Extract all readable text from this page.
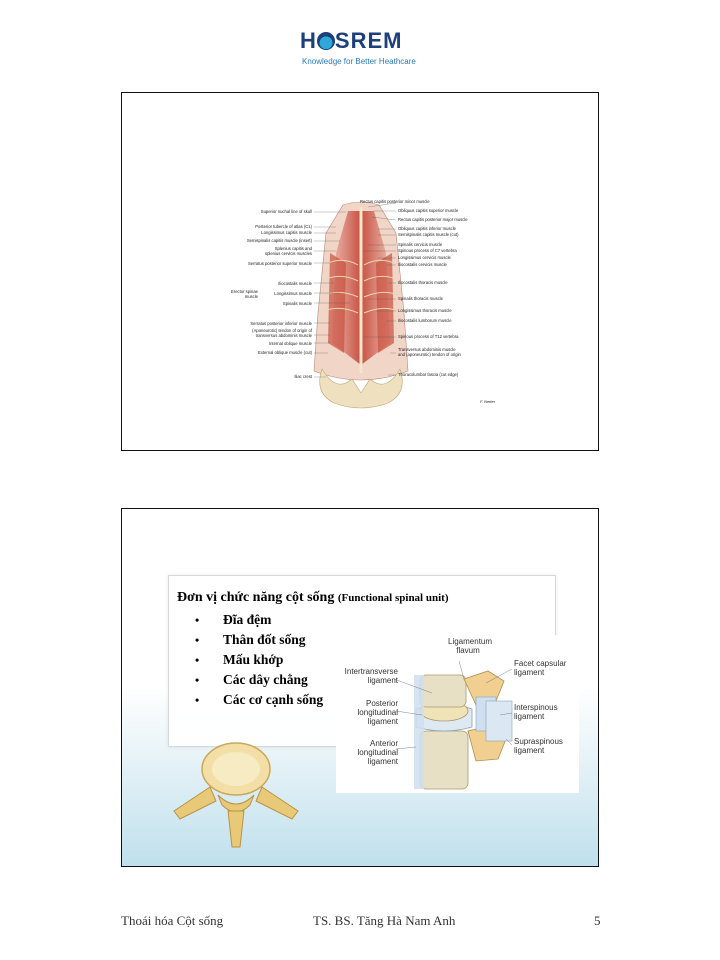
H SREM
Knowledge for Better Heathcare
Superior nuchal line of skull
Posterior tubercle of atlas (C1)
Longissimus capitis muscle
Semispinalis capitis muscle (insert)
Splenius capitis and
splenius cervicis muscles
Serratus posterior superior muscle
Iliocostalis muscle
Erector spinae muscle
Longissimus muscle
Spinalis muscle
Serratus posterior inferior muscle
(Aponeurotic) tendon of origin of
transversus abdominis muscle
Internal oblique muscle
External oblique muscle (cut)
Iliac crest
Rectus capitis posterior minor muscle
Obliquus capitis superior muscle
Rectus capitis posterior major muscle
Obliquus capitis inferior muscle
Semispinalis capitis muscle (cut)
Spinalis cervicis muscle
Spinous process of C7 vertebra
Longissimus cervicis muscle
Iliocostalis cervicis muscle
Iliocostalis thoracis muscle
Spinalis thoracis muscle
Longissimus thoracis muscle
Iliocostalis lumborum muscle
Spinous process of T12 vertebra
Transversus abdominis muscle
and (aponeurotic) tendon of origin
Thoracolumbar fascia (cut edge)
F. Netter
Đơn vị chức năng cột sống (Functional spinal unit)
• Đĩa đệm
• Thân đốt sống
• Mấu khớp
• Các dây chằng
• Các cơ cạnh sống
Ligamentum flavum
Intertransverse ligament
Posterior longitudinal ligament
Anterior longitudinal ligament
Facet capsular ligament
Interspinous ligament
Supraspinous ligament
Thoái hóa Cột sống	TS. BS. Tăng Hà Nam Anh	5
